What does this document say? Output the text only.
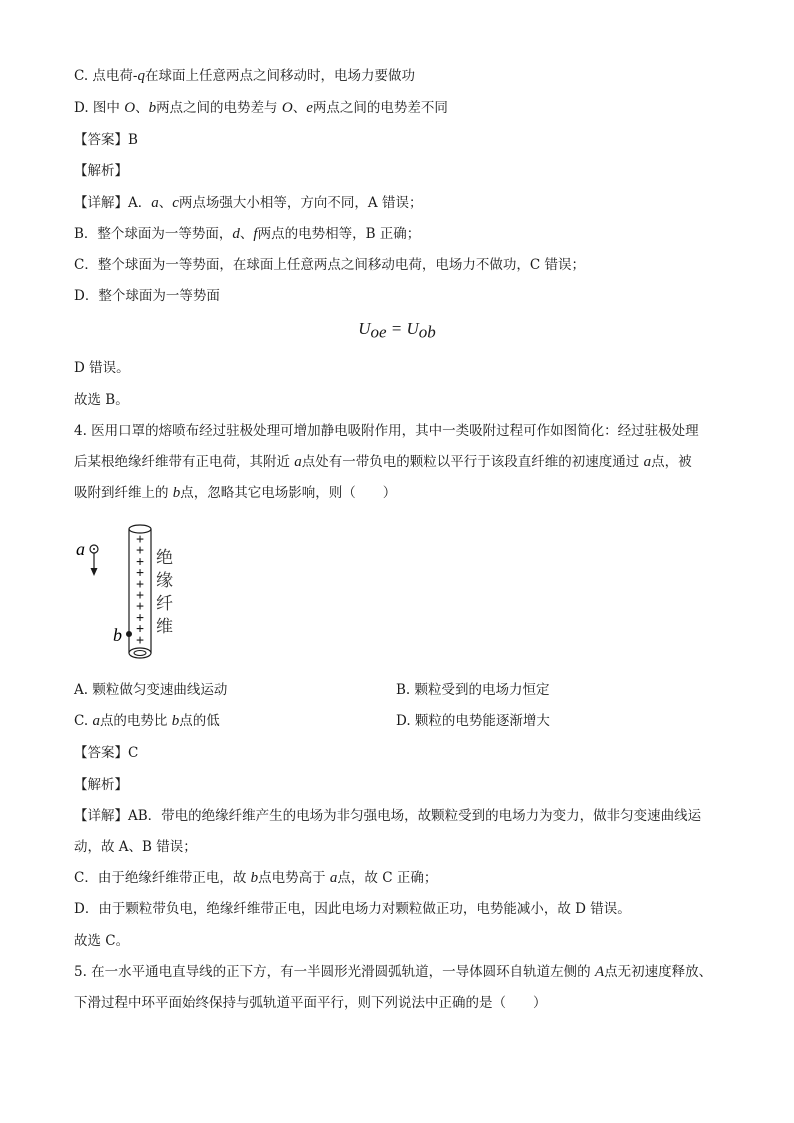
C. 点电荷-q在球面上任意两点之间移动时，电场力要做功
D. 图中 O、b两点之间的电势差与 O、e两点之间的电势差不同
【答案】B
【解析】
【详解】A．a、c两点场强大小相等，方向不同，A 错误；
B．整个球面为一等势面，d、f两点的电势相等，B 正确；
C．整个球面为一等势面，在球面上任意两点之间移动电荷，电场力不做功，C 错误；
D．整个球面为一等势面
$U_{oe} = U_{ob}$
D 错误。
故选 B。
4. 医用口罩的熔喷布经过驻极处理可增加静电吸附作用，其中一类吸附过程可作如图简化：经过驻极处理
后某根绝缘纤维带有正电荷，其附近 a点处有一带负电的颗粒以平行于该段直纤维的初速度通过 a点，被
吸附到纤维上的 b点，忽略其它电场影响，则（　　）
a	+
+
+
+
+
+
+
+
+
+
绝
缘
纤
维
b
A. 颗粒做匀变速曲线运动	B. 颗粒受到的电场力恒定
C. a点的电势比 b点的低	D. 颗粒的电势能逐渐增大
【答案】C
【解析】
【详解】AB．带电的绝缘纤维产生的电场为非匀强电场，故颗粒受到的电场力为变力，做非匀变速曲线运
动，故 A、B 错误；
C．由于绝缘纤维带正电，故 b点电势高于 a点，故 C 正确；
D．由于颗粒带负电，绝缘纤维带正电，因此电场力对颗粒做正功，电势能减小，故 D 错误。
故选 C。
5. 在一水平通电直导线的正下方，有一半圆形光滑圆弧轨道，一导体圆环自轨道左侧的 A点无初速度释放、
下滑过程中环平面始终保持与弧轨道平面平行，则下列说法中正确的是（　　）
